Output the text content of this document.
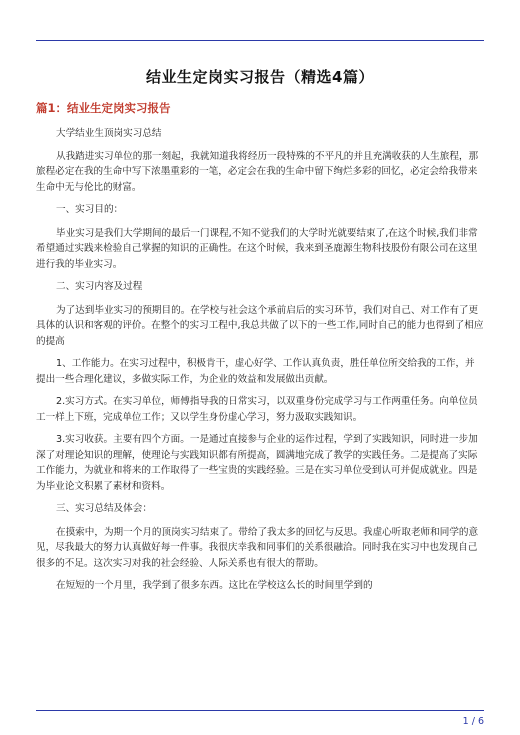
结业生定岗实习报告（精选4篇）
篇1：结业生定岗实习报告

大学结业生顶岗实习总结

从我踏进实习单位的那一刻起，我就知道我将经历一段特殊的不平凡的并且充满收获的人生旅程，那旅程必定在我的生命中写下浓墨重彩的一笔，必定会在我的生命中留下绚烂多彩的回忆，必定会给我带来生命中无与伦比的财富。

一、实习目的：

毕业实习是我们大学期间的最后一门课程,不知不觉我们的大学时光就要结束了,在这个时候,我们非常希望通过实践来检验自己掌握的知识的正确性。在这个时候，我来到圣鹿源生物科技股份有限公司在这里进行我的毕业实习。

二、实习内容及过程

为了达到毕业实习的预期目的。在学校与社会这个承前启后的实习环节，我们对自己、对工作有了更具体的认识和客观的评价。在整个的实习工程中,我总共做了以下的一些工作,同时自己的能力也得到了相应的提高

1、工作能力。在实习过程中，积极肯干，虚心好学、工作认真负责，胜任单位所交给我的工作，并提出一些合理化建议，多做实际工作，为企业的效益和发展做出贡献。

2.实习方式。在实习单位，师傅指导我的日常实习，以双重身份完成学习与工作两重任务。向单位员工一样上下班，完成单位工作；又以学生身份虚心学习，努力汲取实践知识。

3.实习收获。主要有四个方面。一是通过直接参与企业的运作过程，学到了实践知识，同时进一步加深了对理论知识的理解，使理论与实践知识都有所提高，圆满地完成了教学的实践任务。二是提高了实际工作能力，为就业和将来的工作取得了一些宝贵的实践经验。三是在实习单位受到认可并促成就业。四是为毕业论文积累了素材和资料。

三、实习总结及体会：

在摸索中，为期一个月的顶岗实习结束了。带给了我太多的回忆与反思。我虚心听取老师和同学的意见，尽我最大的努力认真做好每一件事。我很庆幸我和同事们的关系很融洽。同时我在实习中也发现自己很多的不足。这次实习对我的社会经验、人际关系也有很大的帮助。

在短短的一个月里，我学到了很多东西。这比在学校这么长的时间里学到的

1 / 6
